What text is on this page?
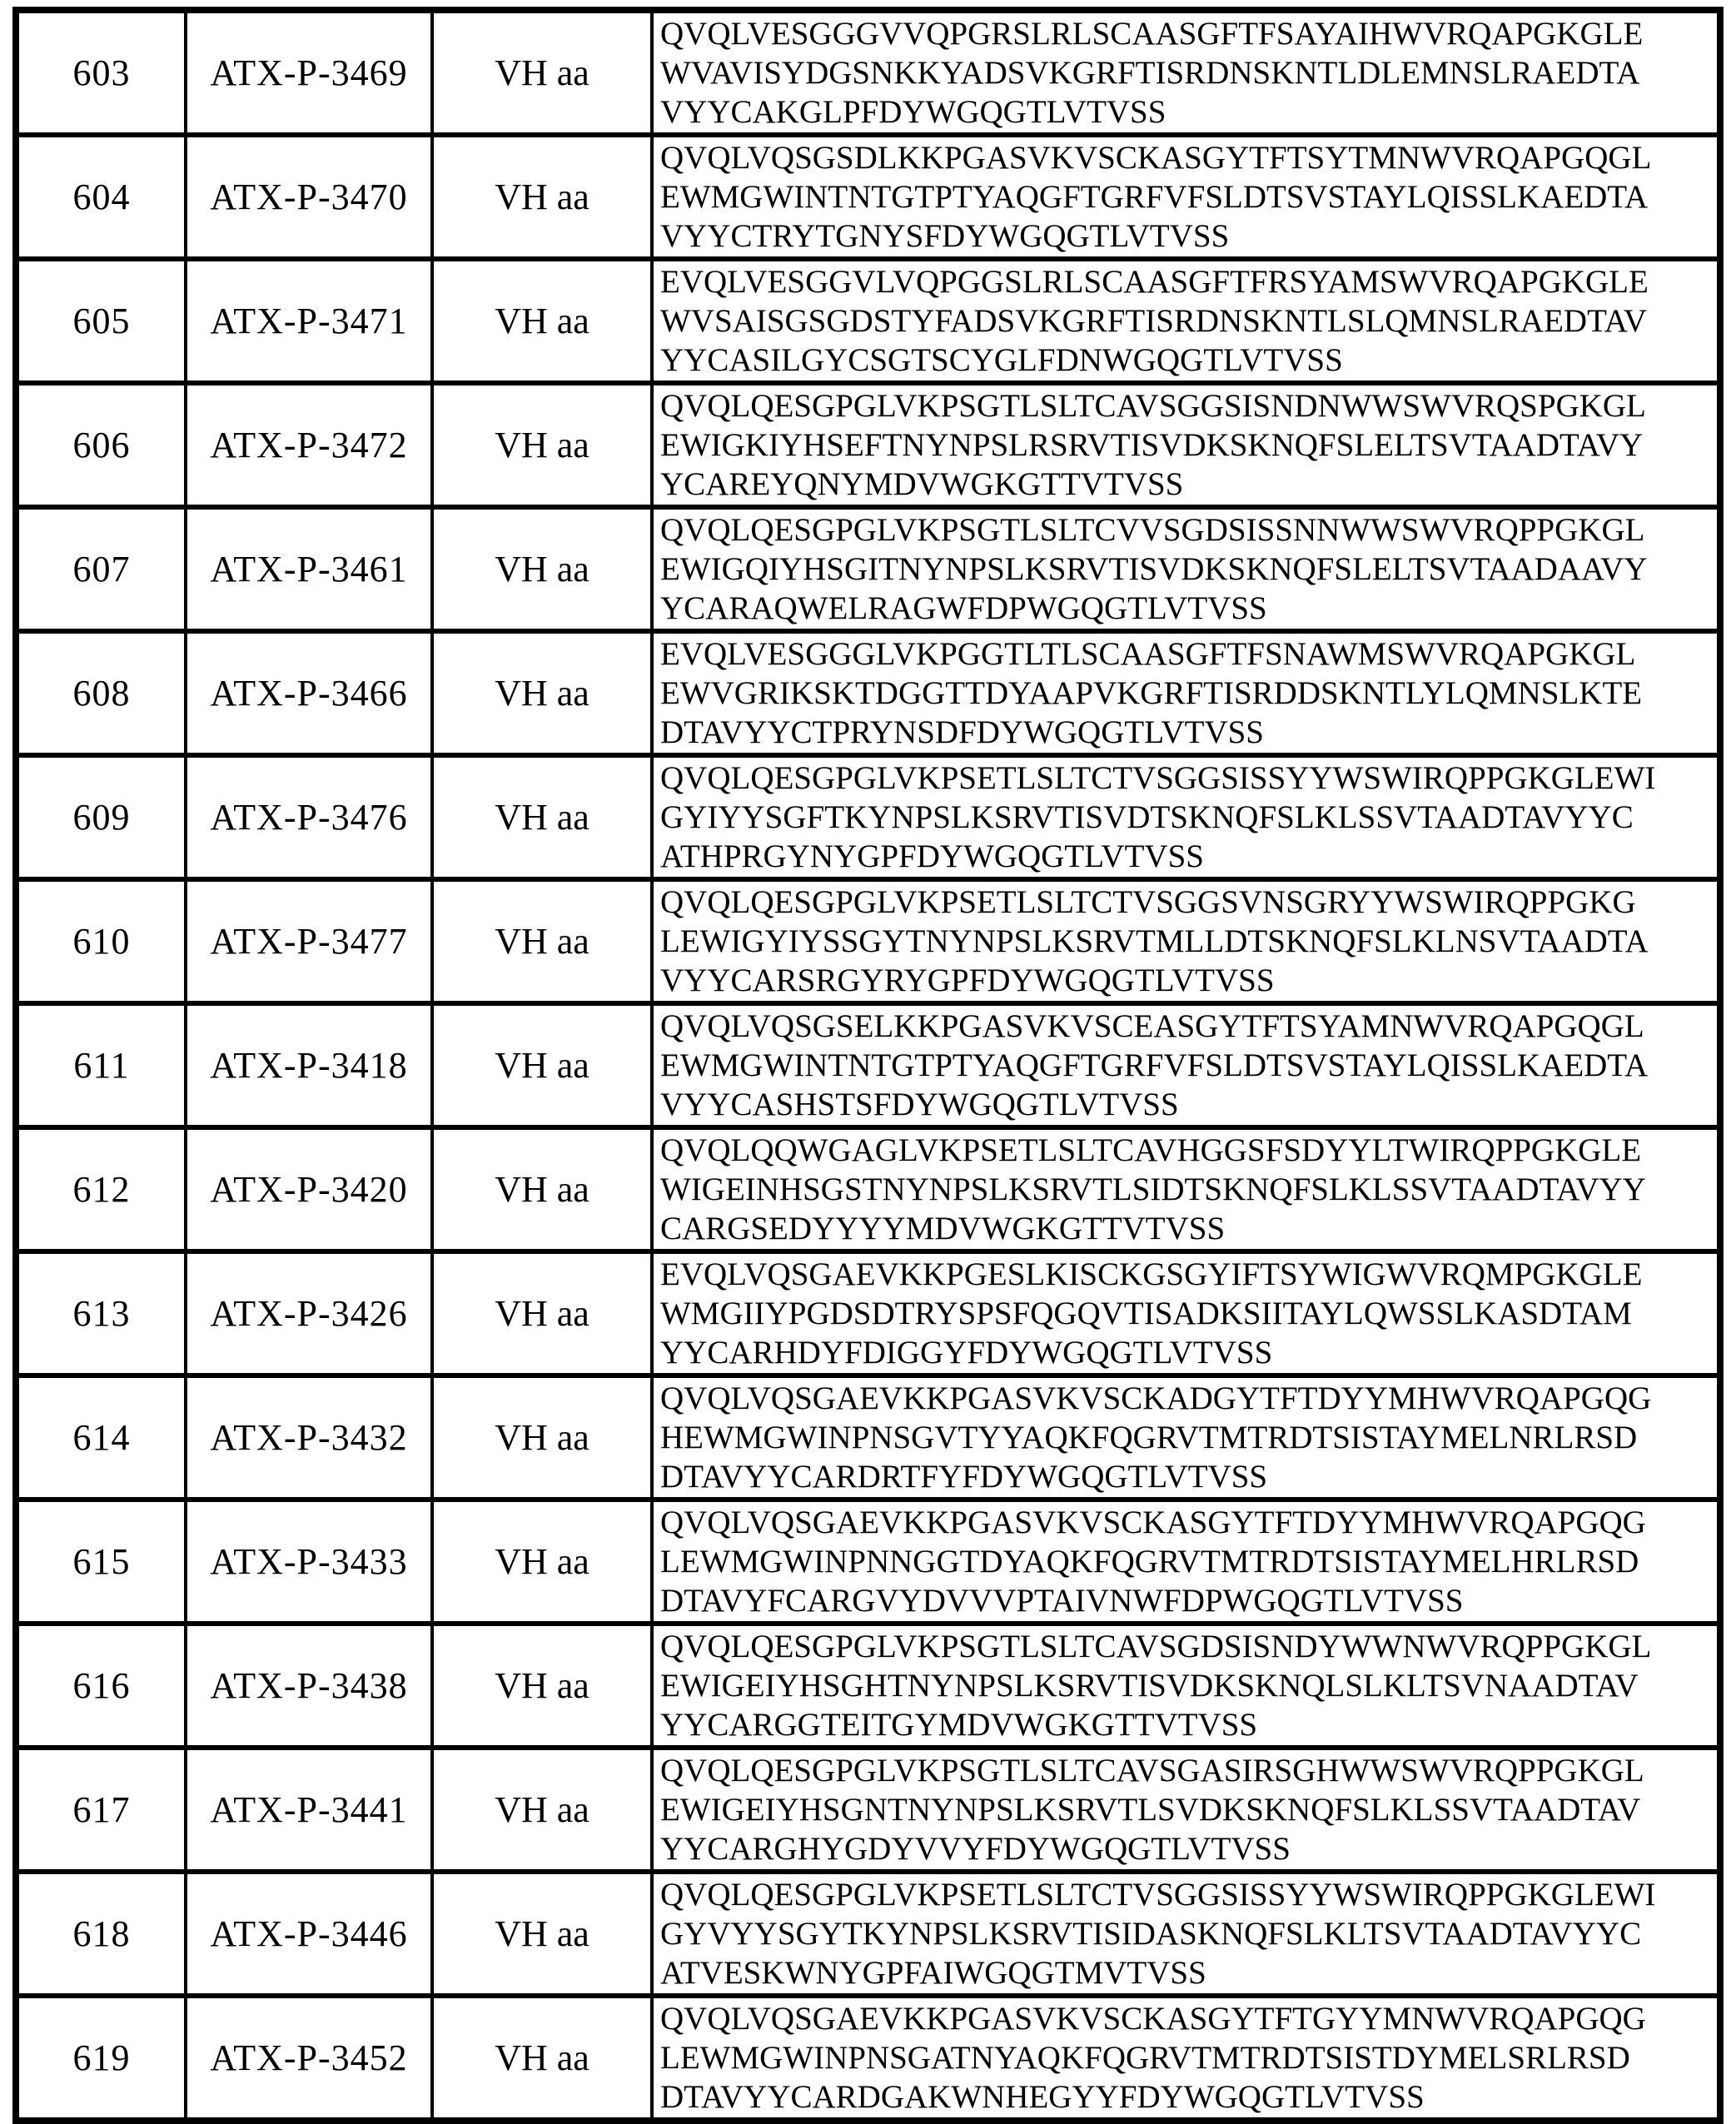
603	ATX-P-3469	VH aa	QVQLVESGGGVVQPGRSLRLSCAASGFTFSAYAIHWVRQAPGKGLE
WVAVISYDGSNKKYADSVKGRFTISRDNSKNTLDLEMNSLRAEDTA
VYYCAKGLPFDYWGQGTLVTVSS

604	ATX-P-3470	VH aa	QVQLVQSGSDLKKPGASVKVSCKASGYTFTSYTMNWVRQAPGQGL
EWMGWINTNTGTPTYAQGFTGRFVFSLDTSVSTAYLQISSLKAEDTA
VYYCTRYTGNYSFDYWGQGTLVTVSS

605	ATX-P-3471	VH aa	EVQLVESGGVLVQPGGSLRLSCAASGFTFRSYAMSWVRQAPGKGLE
WVSAISGSGDSTYFADSVKGRFTISRDNSKNTLSLQMNSLRAEDTAV
YYCASILGYCSGTSCYGLFDNWGQGTLVTVSS

606	ATX-P-3472	VH aa	QVQLQESGPGLVKPSGTLSLTCAVSGGSISNDNWWSWVRQSPGKGL
EWIGKIYHSEFTNYNPSLRSRVTISVDKSKNQFSLELTSVTAADTAVY
YCAREYQNYMDVWGKGTTVTVSS

607	ATX-P-3461	VH aa	QVQLQESGPGLVKPSGTLSLTCVVSGDSISSNNWWSWVRQPPGKGL
EWIGQIYHSGITNYNPSLKSRVTISVDKSKNQFSLELTSVTAADAAVY
YCARAQWELRAGWFDPWGQGTLVTVSS

608	ATX-P-3466	VH aa	EVQLVESGGGLVKPGGTLTLSCAASGFTFSNAWMSWVRQAPGKGL
EWVGRIKSKTDGGTTDYAAPVKGRFTISRDDSKNTLYLQMNSLKTE
DTAVYYCTPRYNSDFDYWGQGTLVTVSS

609	ATX-P-3476	VH aa	QVQLQESGPGLVKPSETLSLTCTVSGGSISSYYWSWIRQPPGKGLEWI
GYIYYSGFTKYNPSLKSRVTISVDTSKNQFSLKLSSVTAADTAVYYC
ATHPRGYNYGPFDYWGQGTLVTVSS

610	ATX-P-3477	VH aa	QVQLQESGPGLVKPSETLSLTCTVSGGSVNSGRYYWSWIRQPPGKG
LEWIGYIYSSGYTNYNPSLKSRVTMLLDTSKNQFSLKLNSVTAADTA
VYYCARSRGYRYGPFDYWGQGTLVTVSS

611	ATX-P-3418	VH aa	QVQLVQSGSELKKPGASVKVSCEASGYTFTSYAMNWVRQAPGQGL
EWMGWINTNTGTPTYAQGFTGRFVFSLDTSVSTAYLQISSLKAEDTA
VYYCASHSTSFDYWGQGTLVTVSS

612	ATX-P-3420	VH aa	QVQLQQWGAGLVKPSETLSLTCAVHGGSFSDYYLTWIRQPPGKGLE
WIGEINHSGSTNYNPSLKSRVTLSIDTSKNQFSLKLSSVTAADTAVYY
CARGSEDYYYYMDVWGKGTTVTVSS

613	ATX-P-3426	VH aa	EVQLVQSGAEVKKPGESLKISCKGSGYIFTSYWIGWVRQMPGKGLE
WMGIIYPGDSDTRYSPSFQGQVTISADKSIITAYLQWSSLKASDTAM
YYCARHDYFDIGGYFDYWGQGTLVTVSS

614	ATX-P-3432	VH aa	QVQLVQSGAEVKKPGASVKVSCKADGYTFTDYYMHWVRQAPGQG
HEWMGWINPNSGVTYYAQKFQGRVTMTRDTSISTAYMELNRLRSD
DTAVYYCARDRTFYFDYWGQGTLVTVSS

615	ATX-P-3433	VH aa	QVQLVQSGAEVKKPGASVKVSCKASGYTFTDYYMHWVRQAPGQG
LEWMGWINPNNGGTDYAQKFQGRVTMTRDTSISTAYMELHRLRSD
DTAVYFCARGVYDVVVPTAIVNWFDPWGQGTLVTVSS

616	ATX-P-3438	VH aa	QVQLQESGPGLVKPSGTLSLTCAVSGDSISNDYWWNWVRQPPGKGL
EWIGEIYHSGHTNYNPSLKSRVTISVDKSKNQLSLKLTSVNAADTAV
YYCARGGTEITGYMDVWGKGTTVTVSS

617	ATX-P-3441	VH aa	QVQLQESGPGLVKPSGTLSLTCAVSGASIRSGHWWSWVRQPPGKGL
EWIGEIYHSGNTNYNPSLKSRVTLSVDKSKNQFSLKLSSVTAADTAV
YYCARGHYGDYVVYFDYWGQGTLVTVSS

618	ATX-P-3446	VH aa	QVQLQESGPGLVKPSETLSLTCTVSGGSISSYYWSWIRQPPGKGLEWI
GYVYYSGYTKYNPSLKSRVTISIDASKNQFSLKLTSVTAADTAVYYC
ATVESKWNYGPFAIWGQGTMVTVSS

619	ATX-P-3452	VH aa	QVQLVQSGAEVKKPGASVKVSCKASGYTFTGYYMNWVRQAPGQG
LEWMGWINPNSGATNYAQKFQGRVTMTRDTSISTDYMELSRLRSD
DTAVYYCARDGAKWNHEGYYFDYWGQGTLVTVSS
